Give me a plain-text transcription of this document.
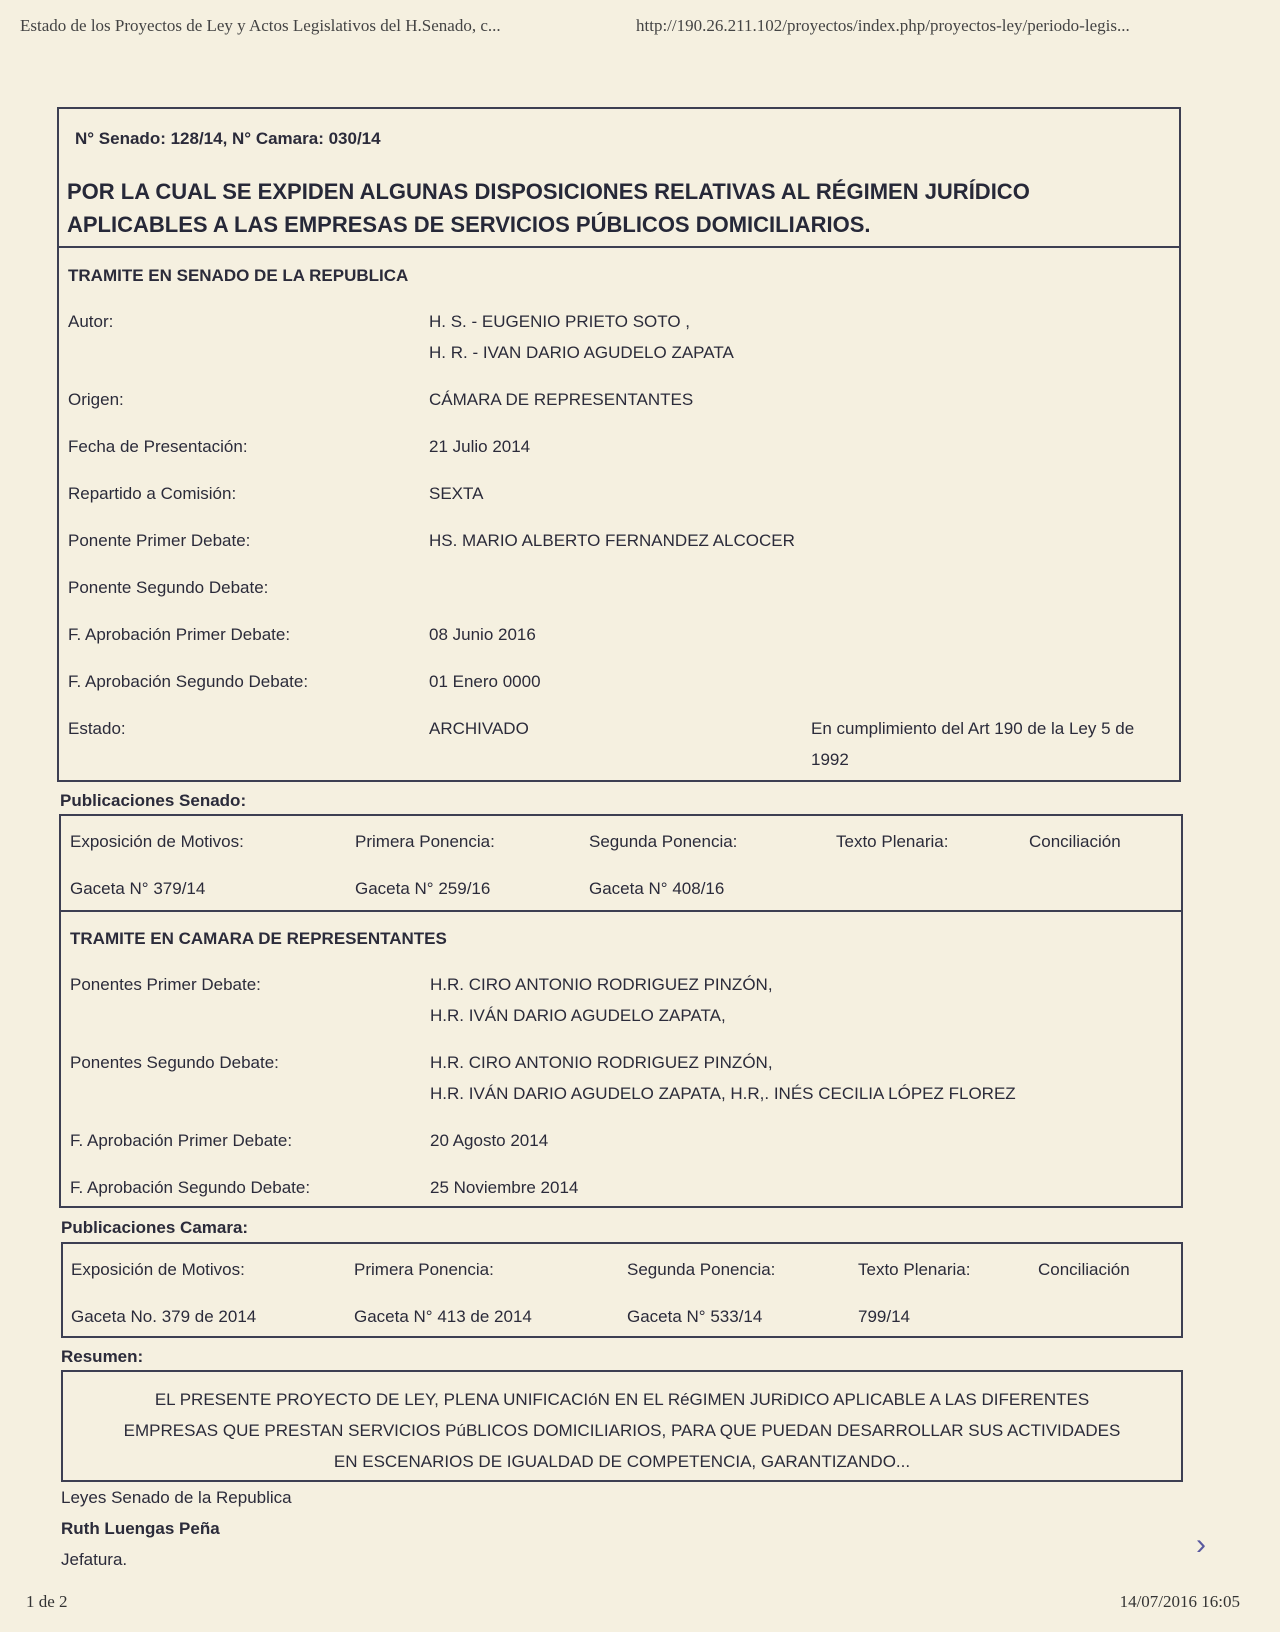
Estado de los Proyectos de Ley y Actos Legislativos del H.Senado, c...	http://190.26.211.102/proyectos/index.php/proyectos-ley/periodo-legis...
N° Senado: 128/14, N° Camara: 030/14
POR LA CUAL SE EXPIDEN ALGUNAS DISPOSICIONES RELATIVAS AL RÉGIMEN JURÍDICO
APLICABLES A LAS EMPRESAS DE SERVICIOS PÚBLICOS DOMICILIARIOS.
TRAMITE EN SENADO DE LA REPUBLICA
Autor:	H. S. - EUGENIO PRIETO SOTO ,
H. R. - IVAN DARIO AGUDELO ZAPATA
Origen:	CÁMARA DE REPRESENTANTES
Fecha de Presentación:	21 Julio 2014
Repartido a Comisión:	SEXTA
Ponente Primer Debate:	HS. MARIO ALBERTO FERNANDEZ ALCOCER
Ponente Segundo Debate:
F. Aprobación Primer Debate:	08 Junio 2016
F. Aprobación Segundo Debate:	01 Enero 0000
Estado:	ARCHIVADO	En cumplimiento del Art 190 de la Ley 5 de
1992
Publicaciones Senado:
Exposición de Motivos:	Primera Ponencia:	Segunda Ponencia:	Texto Plenaria:	Conciliación
Gaceta N° 379/14	Gaceta N° 259/16	Gaceta N° 408/16
TRAMITE EN CAMARA DE REPRESENTANTES
Ponentes Primer Debate:	H.R. CIRO ANTONIO RODRIGUEZ PINZÓN,
H.R. IVÁN DARIO AGUDELO ZAPATA,
Ponentes Segundo Debate:	H.R. CIRO ANTONIO RODRIGUEZ PINZÓN,
H.R. IVÁN DARIO AGUDELO ZAPATA, H.R,. INÉS CECILIA LÓPEZ FLOREZ
F. Aprobación Primer Debate:	20 Agosto 2014
F. Aprobación Segundo Debate:	25 Noviembre 2014
Publicaciones Camara:
Exposición de Motivos:	Primera Ponencia:	Segunda Ponencia:	Texto Plenaria:	Conciliación
Gaceta No. 379 de 2014	Gaceta N° 413 de 2014	Gaceta N° 533/14	799/14
Resumen:
EL PRESENTE PROYECTO DE LEY, PLENA UNIFICACIóN EN EL RéGIMEN JURiDICO APLICABLE A LAS DIFERENTES
EMPRESAS QUE PRESTAN SERVICIOS PúBLICOS DOMICILIARIOS, PARA QUE PUEDAN DESARROLLAR SUS ACTIVIDADES
EN ESCENARIOS DE IGUALDAD DE COMPETENCIA, GARANTIZANDO...
Leyes Senado de la Republica
Ruth Luengas Peña
Jefatura.	›
1 de 2	14/07/2016 16:05
